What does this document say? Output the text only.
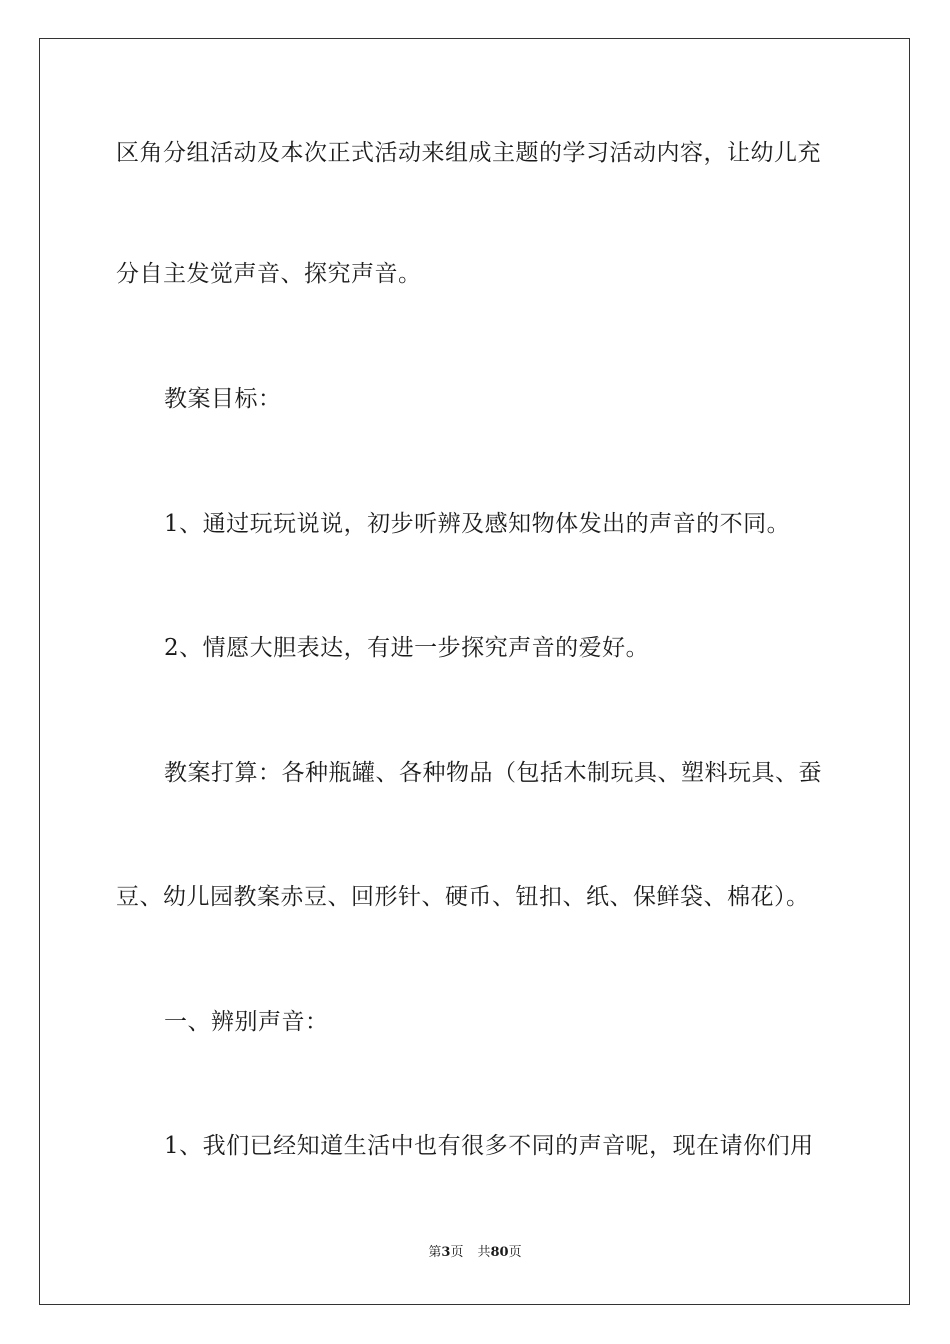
区角分组活动及本次正式活动来组成主题的学习活动内容，让幼儿充
分自主发觉声音、探究声音。
教案目标：
1、通过玩玩说说，初步听辨及感知物体发出的声音的不同。
2、情愿大胆表达，有进一步探究声音的爱好。
教案打算：各种瓶罐、各种物品（包括木制玩具、塑料玩具、蚕
豆、幼儿园教案赤豆、回形针、硬币、钮扣、纸、保鲜袋、棉花）。
一、辨别声音：
1、我们已经知道生活中也有很多不同的声音呢，现在请你们用
第3页 共80页
